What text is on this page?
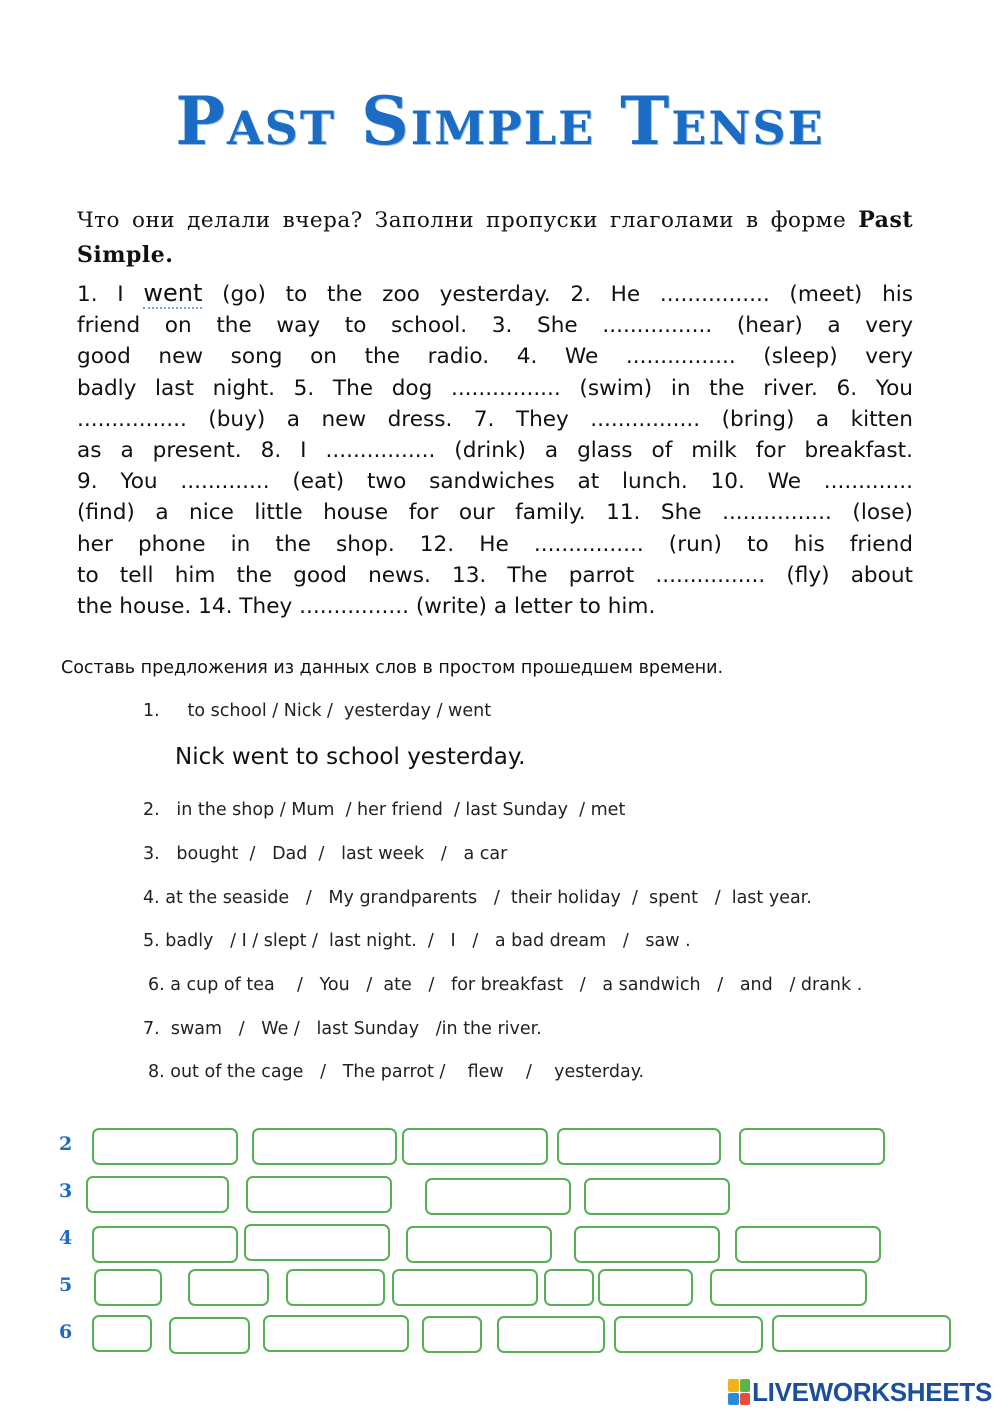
Past Simple Tense
Что они делали вчера? Заполни пропуски глаголами в форме Past Simple.
1. I went (go) to the zoo yesterday. 2. He ................ (meet) his
friend on the way to school. 3. She ................ (hear) a very
good new song on the radio. 4. We ................ (sleep) very
badly last night. 5. The dog ................ (swim) in the river. 6. You
................ (buy) a new dress. 7. They ................ (bring) a kitten
as a present. 8. I ................ (drink) a glass of milk for breakfast.
9. You ............. (eat) two sandwiches at lunch. 10. We .............
(find) a nice little house for our family. 11. She ................ (lose)
her phone in the shop. 12. He ................ (run) to his friend
to tell him the good news. 13. The parrot ................ (fly) about
the house. 14. They ................ (write) a letter to him.
Составь предложения из данных слов в простом прошедшем времени.
1.     to school / Nick /  yesterday / went
Nick went to school yesterday.
2.   in the shop / Mum  / her friend  / last Sunday  / met
3.   bought  /   Dad  /   last week   /   a car
4. at the seaside   /   My grandparents   /  their holiday  /  spent   /  last year.
5. badly   / I / slept /  last night.  /   I   /   a bad dream   /   saw .
6. a cup of tea    /   You   /  ate   /   for breakfast   /   a sandwich   /   and   / drank .
7.  swam   /   We /   last Sunday   /in the river.
8. out of the cage   /   The parrot /    flew    /    yesterday.
2
3
4
5
6
LIVEWORKSHEETS
